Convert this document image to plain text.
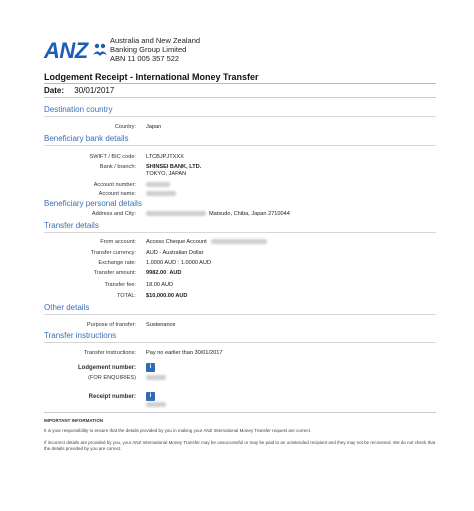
ANZ	Australia and New Zealand
Banking Group Limited
ABN 11 005 357 522
Lodgement Receipt - International Money Transfer
Date: 30/01/2017
Destination country
Country: Japan
Beneficiary bank details
SWIFT / BIC code: LTCBJPJTXXX
Bank / branch: SHINSEI BANK, LTD.
TOKYO, JAPAN
Account number:
Account name:
Beneficiary personal details
Address and City:	Matsudo, Chiba, Japan 2710044
Transfer details
From account: Access Cheque Account
Transfer currency: AUD - Australian Dollar
Exchange rate: 1.0000 AUD : 1.0000 AUD
Transfer amount: 9982.00 AUD
Transfer fee: 18.00 AUD
TOTAL: $10,000.00 AUD
Other details
Purpose of transfer: Sustenance
Transfer instructions
Transfer instructions: Pay no earlier than 30/01/2017
Lodgement number:	i
(FOR ENQUIRIES)
Receipt number:	i
IMPORTANT INFORMATION
It is your responsibility to ensure that the details provided by you in making your ANZ International Money Transfer request are correct.
If incorrect details are provided by you, your ANZ International Money Transfer may be unsuccessful or may be paid to an unintended recipient and they may not be recovered. We do not check that the details provided by you are correct.
